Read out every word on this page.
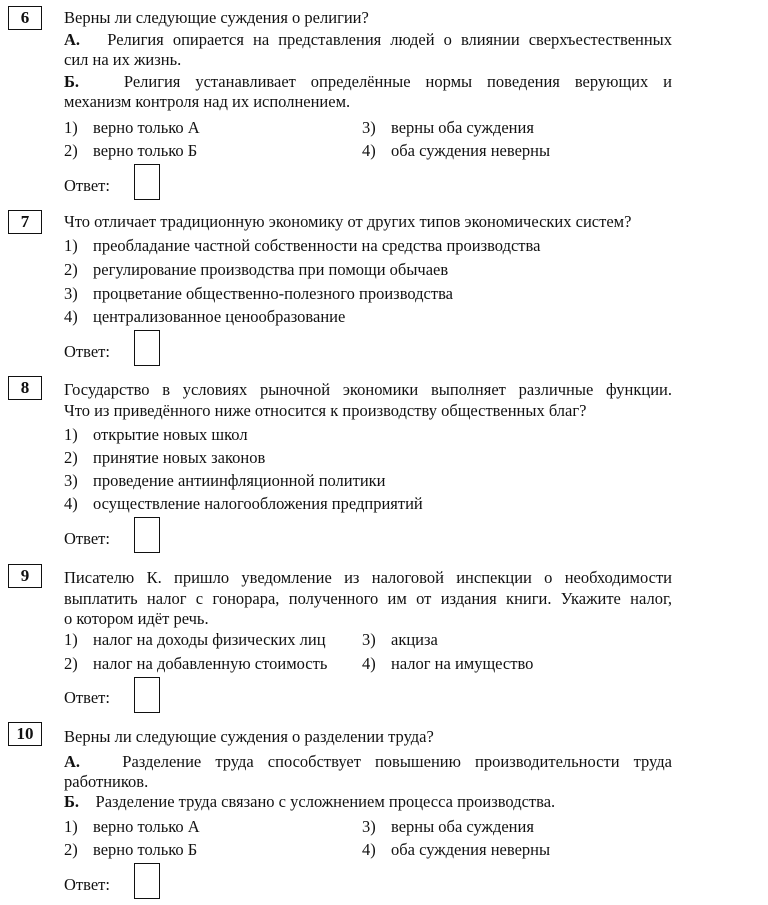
6	Верны ли следующие суждения о религии?
А. Религия опирается на представления людей о влиянии сверхъестественных
сил на их жизнь.
Б.	Религия устанавливает определённые нормы поведения верующих и
механизм контроля над их исполнением.
1) верно только А
2) верно только Б
3) верны оба суждения
4) оба суждения неверны
Ответ:
7	Что отличает традиционную экономику от других типов экономических систем?
1) преобладание частной собственности на средства производства
2) регулирование производства при помощи обычаев
3) процветание общественно-полезного производства
4) централизованное ценообразование
Ответ:
8	Государство в условиях рыночной экономики выполняет различные функции.
Что из приведённого ниже относится к производству общественных благ?
1) открытие новых школ
2) принятие новых законов
3) проведение антиинфляционной политики
4) осуществление налогообложения предприятий
Ответ:
9	Писателю К. пришло уведомление из налоговой инспекции о необходимости
выплатить налог с гонорара, полученного им от издания книги. Укажите налог,
о котором идёт речь.
1) налог на доходы физических лиц
2) налог на добавленную стоимость
3) акциза
4) налог на имущество
Ответ:
10	Верны ли следующие суждения о разделении труда?
А.	Разделение труда способствует повышению производительности труда
работников.
Б. Разделение труда связано с усложнением процесса производства.
1) верно только А
2) верно только Б
3) верны оба суждения
4) оба суждения неверны
Ответ:
